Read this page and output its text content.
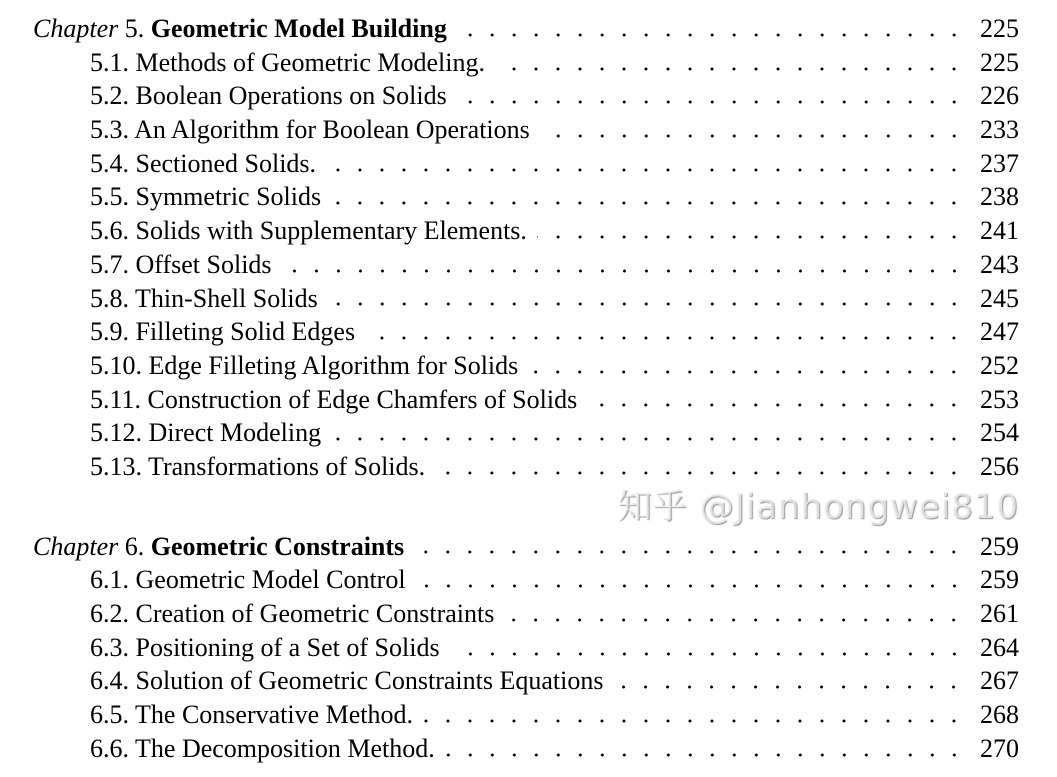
Chapter 5. Geometric Model Building	225
5.1. Methods of Geometric Modeling.	225
5.2. Boolean Operations on Solids	226
5.3. An Algorithm for Boolean Operations	233
5.4. Sectioned Solids.	237
5.5. Symmetric Solids	238
5.6. Solids with Supplementary Elements.	241
5.7. Offset Solids	243
5.8. Thin-Shell Solids	245
5.9. Filleting Solid Edges	247
5.10. Edge Filleting Algorithm for Solids	252
5.11. Construction of Edge Chamfers of Solids	253
5.12. Direct Modeling	254
5.13. Transformations of Solids.	256
知乎 @Jianhongwei810
Chapter 6. Geometric Constraints	259
6.1. Geometric Model Control	259
6.2. Creation of Geometric Constraints	261
6.3. Positioning of a Set of Solids	264
6.4. Solution of Geometric Constraints Equations	267
6.5. The Conservative Method.	268
6.6. The Decomposition Method.	270
